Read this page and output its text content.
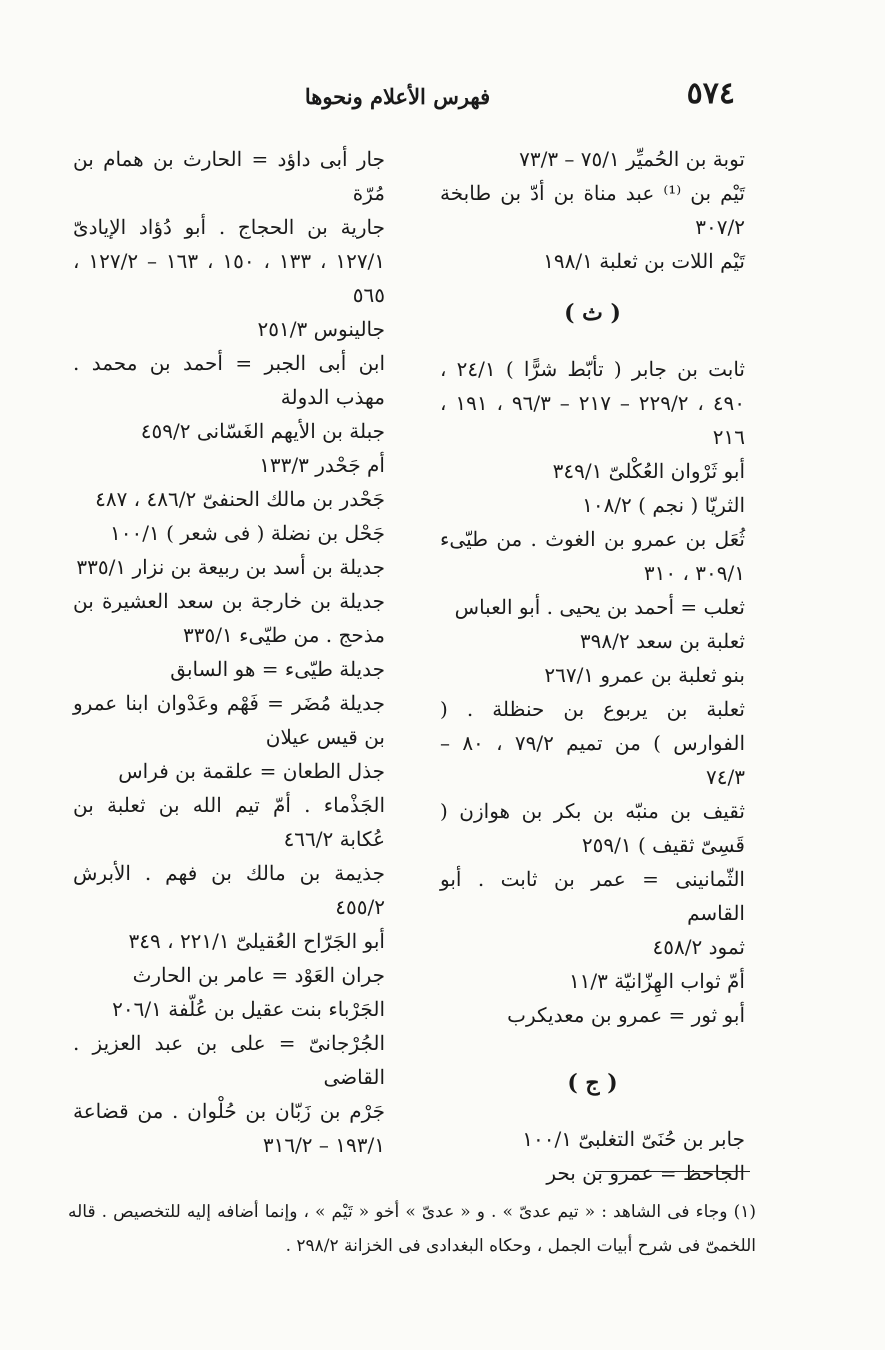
٥٧٤
فهرس الأعلام ونحوها

توبة بن الحُميِّر ٧٥/١ – ٧٣/٣

تَيْم بن ⁽¹⁾ عبد مناة بن أدّ بن طابخة ٣٠٧/٢

تَيْم اللات بن ثعلبة ١٩٨/١

( ث )

ثابت بن جابر ( تأبّط شرًّا ) ٢٤/١ ، ٤٩٠ ، ٢٢٩/٢ – ٢١٧ – ٩٦/٣ ، ١٩١ ، ٢١٦

أبو ثَرْوان العُكْلىّ ٣٤٩/١

الثريّا ( نجم ) ١٠٨/٢

ثُعَل بن عمرو بن الغوث . من طيّىء ٣٠٩/١ ، ٣١٠

ثعلب = أحمد بن يحيى . أبو العباس

ثعلبة بن سعد ٣٩٨/٢

بنو ثعلبة بن عمرو ٢٦٧/١

ثعلبة بن يربوع بن حنظلة . ( الفوارس ) من تميم ٧٩/٢ ، ٨٠ – ٧٤/٣

ثقيف بن منبّه بن بكر بن هوازن ( قَسِىّ ثقيف ) ٢٥٩/١

الثّمانينى = عمر بن ثابت . أبو القاسم

ثمود ٤٥٨/٢

أمّ ثواب الهِزّانيّة ١١/٣

أبو ثور = عمرو بن معديكرب

( ج )

جابر بن حُنَىّ التغلبىّ ١٠٠/١

الجاحظ = عمرو بن بحر

جار أبى داؤد = الحارث بن همام بن مُرّة

جارية بن الحجاج . أبو دُؤاد الإيادىّ ١٢٧/١ ، ١٣٣ ، ١٥٠ ، ١٦٣ – ١٢٧/٢ ، ٥٦٥

جالينوس ٢٥١/٣

ابن أبى الجبر = أحمد بن محمد . مهذب الدولة

جبلة بن الأيهم الغَسّانى ٤٥٩/٢

أم جَحْدر ١٣٣/٣

جَحْدر بن مالك الحنفىّ ٤٨٦/٢ ، ٤٨٧

جَحْل بن نضلة ( فى شعر ) ١٠٠/١

جديلة بن أسد بن ربيعة بن نزار ٣٣٥/١

جديلة بن خارجة بن سعد العشيرة بن مذحج . من طيّىء ٣٣٥/١

جديلة طيّىء = هو السابق

جديلة مُضَر = فَهْم وعَدْوان ابنا عمرو بن قيس عيلان

جذل الطعان = علقمة بن فراس

الجَذْماء . أمّ تيم الله بن ثعلبة بن عُكابة ٤٦٦/٢

جذيمة بن مالك بن فهم . الأبرش ٤٥٥/٢

أبو الجَرّاح العُقيلىّ ٢٢١/١ ، ٣٤٩

جران العَوْد = عامر بن الحارث

الجَرْباء بنت عقيل بن عُلّفة ٢٠٦/١

الجُرْجانىّ = على بن عبد العزيز . القاضى

جَرْم بن زَبّان بن حُلْوان . من قضاعة ١٩٣/١ – ٣١٦/٢

(١) وجاء فى الشاهد : « تيم عدىّ » . و « عدىّ » أخو « تَيْم » ، وإنما أضافه إليه للتخصيص . قاله اللخمىّ فى شرح أبيات الجمل ، وحكاه البغدادى فى الخزانة ٢٩٨/٢ .
